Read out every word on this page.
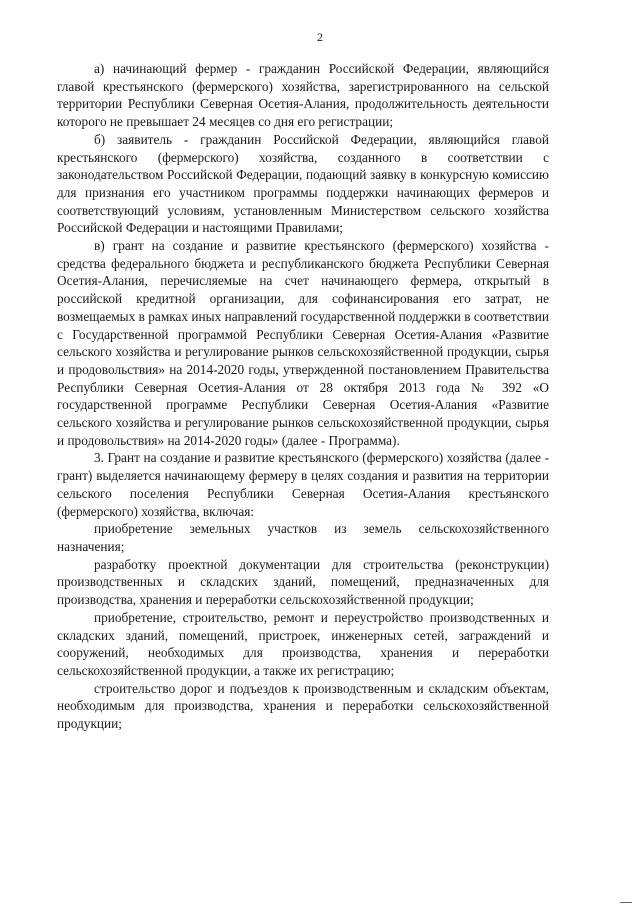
2

а) начинающий фермер - гражданин Российской Федерации, являющийся главой крестьянского (фермерского) хозяйства, зарегистрированного на сельской территории Республики Северная Осетия-Алания, продолжительность деятельности которого не превышает 24 месяцев со дня его регистрации;

б) заявитель - гражданин Российской Федерации, являющийся главой крестьянского (фермерского) хозяйства, созданного в соответствии с законодательством Российской Федерации, подающий заявку в конкурсную комиссию для признания его участником программы поддержки начинающих фермеров и соответствующий условиям, установленным Министерством сельского хозяйства Российской Федерации и настоящими Правилами;

в) грант на создание и развитие крестьянского (фермерского) хозяйства - средства федерального бюджета и республиканского бюджета Республики Северная Осетия-Алания, перечисляемые на счет начинающего фермера, открытый в российской кредитной организации, для софинансирования его затрат, не возмещаемых в рамках иных направлений государственной поддержки в соответствии с Государственной программой Республики Северная Осетия-Алания «Развитие сельского хозяйства и регулирование рынков сельскохозяйственной продукции, сырья и продовольствия» на 2014-2020 годы, утвержденной постановлением Правительства Республики Северная Осетия-Алания от 28 октября 2013 года № 392 «О государственной программе Республики Северная Осетия-Алания «Развитие сельского хозяйства и регулирование рынков сельскохозяйственной продукции, сырья и продовольствия» на 2014-2020 годы» (далее - Программа).

3. Грант на создание и развитие крестьянского (фермерского) хозяйства (далее - грант) выделяется начинающему фермеру в целях создания и развития на территории сельского поселения Республики Северная Осетия-Алания крестьянского (фермерского) хозяйства, включая:

приобретение земельных участков из земель сельскохозяйственного назначения;

разработку проектной документации для строительства (реконструкции) производственных и складских зданий, помещений, предназначенных для производства, хранения и переработки сельскохозяйственной продукции;

приобретение, строительство, ремонт и переустройство производственных и складских зданий, помещений, пристроек, инженерных сетей, заграждений и сооружений, необходимых для производства, хранения и переработки сельскохозяйственной продукции, а также их регистрацию;

строительство дорог и подъездов к производственным и складским объектам, необходимым для производства, хранения и переработки сельскохозяйственной продукции;
